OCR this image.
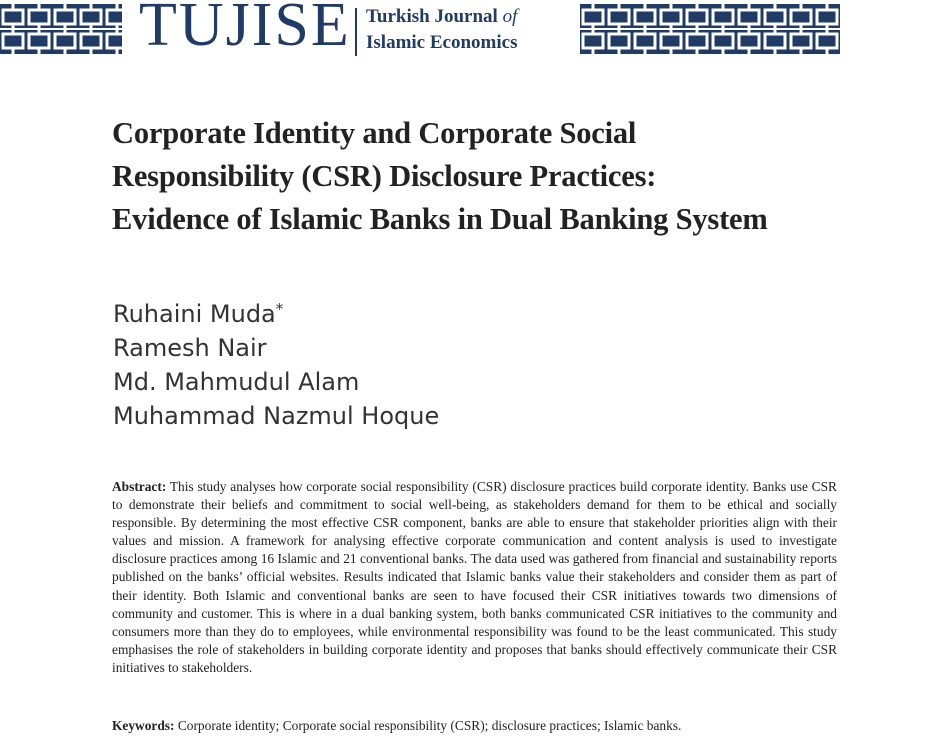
TUJISE Turkish Journal of
Islamic Economics
Corporate Identity and Corporate Social
Responsibility (CSR) Disclosure Practices:
Evidence of Islamic Banks in Dual Banking System
Ruhaini Muda*
Ramesh Nair
Md. Mahmudul Alam
Muhammad Nazmul Hoque

Abstract: This study analyses how corporate social responsibility (CSR) disclosure practices build corporate identity. Banks use CSR to demonstrate their beliefs and commitment to social well-being, as stakeholders demand for them to be ethical and socially responsible. By determining the most effective CSR component, banks are able to ensure that stakeholder priorities align with their values and mission. A framework for analysing effective corporate communication and content analysis is used to investigate disclosure practices among 16 Islamic and 21 conventional banks. The data used was gathered from financial and sustainability reports published on the banks’ official websites. Results indicated that Islamic banks value their stakeholders and consider them as part of their identity. Both Islamic and conventional banks are seen to have focused their CSR initiatives towards two dimensions of community and customer. This is where in a dual banking system, both banks communicated CSR initiatives to the community and consumers more than they do to employees, while environmental responsibility was found to be the least communicated. This study emphasises the role of stakeholders in building corporate identity and proposes that banks should effectively communicate their CSR initiatives to stakeholders.

Keywords: Corporate identity; Corporate social responsibility (CSR); disclosure practices; Islamic banks.
